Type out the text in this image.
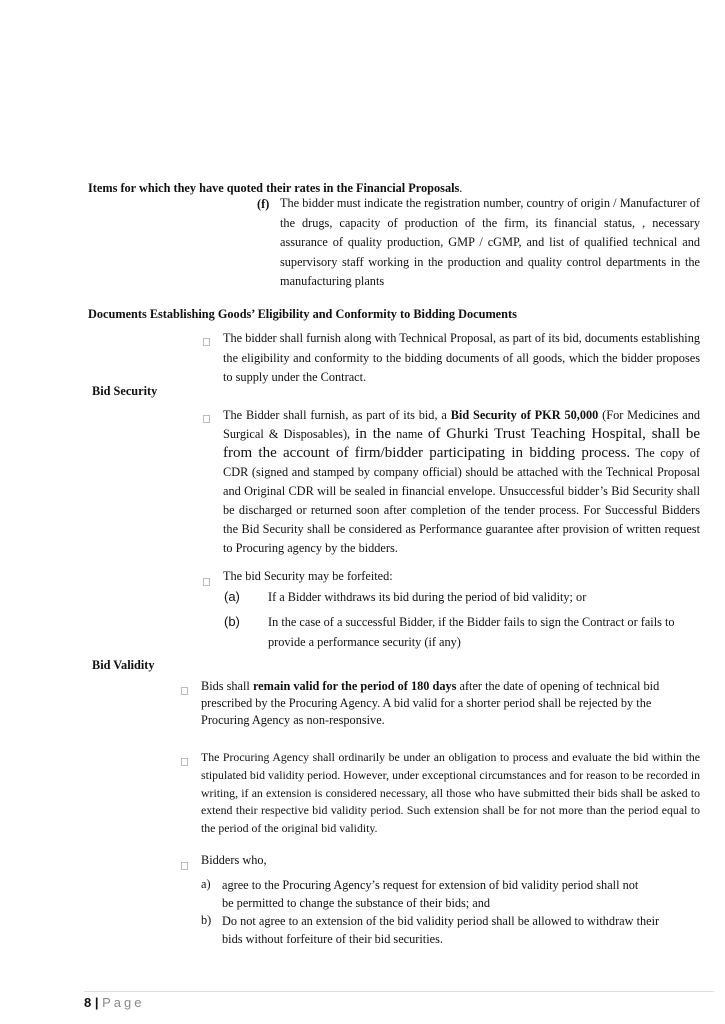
Items for which they have quoted their rates in the Financial Proposals.
(f) The bidder must indicate the registration number, country of origin / Manufacturer of the drugs, capacity of production of the firm, its financial status, , necessary assurance of quality production, GMP / cGMP, and list of qualified technical and supervisory staff working in the production and quality control departments in the manufacturing plants
Documents Establishing Goods’ Eligibility and Conformity to Bidding Documents
The bidder shall furnish along with Technical Proposal, as part of its bid, documents establishing the eligibility and conformity to the bidding documents of all goods, which the bidder proposes to supply under the Contract.
Bid Security
The Bidder shall furnish, as part of its bid, a Bid Security of PKR 50,000 (For Medicines and Surgical & Disposables), in the name of Ghurki Trust Teaching Hospital, shall be from the account of firm/bidder participating in bidding process. The copy of CDR (signed and stamped by company official) should be attached with the Technical Proposal and Original CDR will be sealed in financial envelope. Unsuccessful bidder’s Bid Security shall be discharged or returned soon after completion of the tender process. For Successful Bidders the Bid Security shall be considered as Performance guarantee after provision of written request to Procuring agency by the bidders.
The bid Security may be forfeited:
(a) If a Bidder withdraws its bid during the period of bid validity; or
(b) In the case of a successful Bidder, if the Bidder fails to sign the Contract or fails to provide a performance security (if any)
Bid Validity
Bids shall remain valid for the period of 180 days after the date of opening of technical bid prescribed by the Procuring Agency. A bid valid for a shorter period shall be rejected by the Procuring Agency as non-responsive.
The Procuring Agency shall ordinarily be under an obligation to process and evaluate the bid within the stipulated bid validity period. However, under exceptional circumstances and for reason to be recorded in writing, if an extension is considered necessary, all those who have submitted their bids shall be asked to extend their respective bid validity period. Such extension shall be for not more than the period equal to the period of the original bid validity.
Bidders who,
a) agree to the Procuring Agency’s request for extension of bid validity period shall not be permitted to change the substance of their bids; and
b) Do not agree to an extension of the bid validity period shall be allowed to withdraw their bids without forfeiture of their bid securities.
8 | Page
